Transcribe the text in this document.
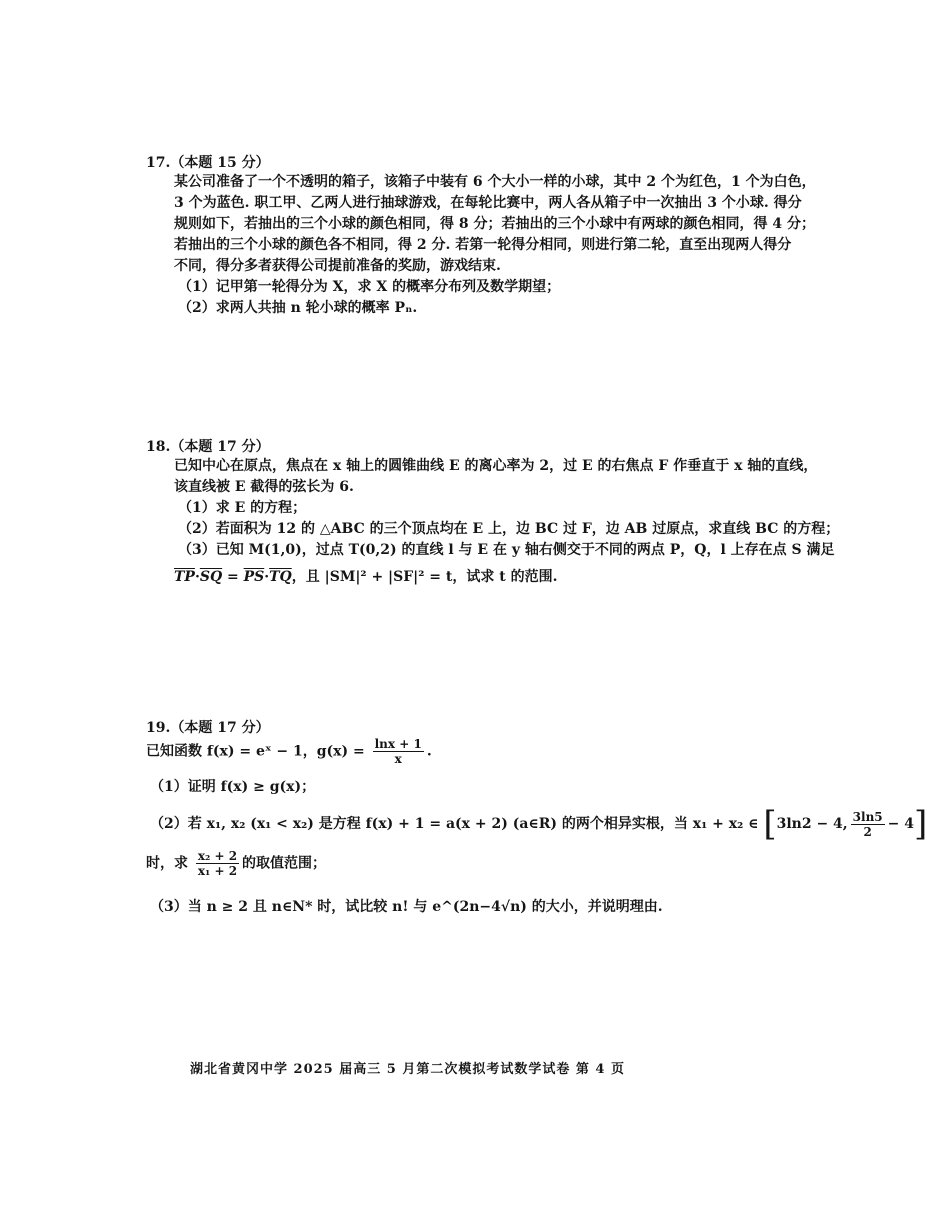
17.（本题 15 分）
某公司准备了一个不透明的箱子，该箱子中装有 6 个大小一样的小球，其中 2 个为红色，1 个为白色，
3 个为蓝色. 职工甲、乙两人进行抽球游戏，在每轮比赛中，两人各从箱子中一次抽出 3 个小球. 得分
规则如下，若抽出的三个小球的颜色相同，得 8 分；若抽出的三个小球中有两球的颜色相同，得 4 分；
若抽出的三个小球的颜色各不相同，得 2 分. 若第一轮得分相同，则进行第二轮，直至出现两人得分
不同，得分多者获得公司提前准备的奖励，游戏结束.
（1）记甲第一轮得分为 X，求 X 的概率分布列及数学期望；
（2）求两人共抽 n 轮小球的概率 Pₙ.
18.（本题 17 分）
已知中心在原点，焦点在 x 轴上的圆锥曲线 E 的离心率为 2，过 E 的右焦点 F 作垂直于 x 轴的直线，
该直线被 E 截得的弦长为 6.
（1）求 E 的方程；
（2）若面积为 12 的 △ABC 的三个顶点均在 E 上，边 BC 过 F，边 AB 过原点，求直线 BC 的方程；
（3）已知 M(1,0)，过点 T(0,2) 的直线 l 与 E 在 y 轴右侧交于不同的两点 P，Q，l 上存在点 S 满足
$\overline{TP}\cdot\overline{SQ} = \overline{PS}\cdot\overline{TQ}$，且 |SM|² + |SF|² = t，试求 t 的范围.
19.（本题 17 分）
已知函数 f(x) = eˣ − 1，$g(x) = \frac{\ln x + 1}{x}$ .
（1）证明 f(x) ≥ g(x)；
（2）若 x₁, x₂ (x₁ < x₂) 是方程 f(x) + 1 = a(x + 2) (a∈R) 的两个相异实根，当 x₁ + x₂ ∈ [3ln2 − 4, $\frac{3\ln 5}{2} - 4$]
时，求 $\frac{\text{x₂ + 2}}{\text{x₁ + 2}}$ 的取值范围；
（3）当 n ≥ 2 且 n∈N* 时，试比较 n! 与 e^(2n−4√n) 的大小，并说明理由.
湖北省黄冈中学 2025 届高三 5 月第二次模拟考试数学试卷 第 4 页
